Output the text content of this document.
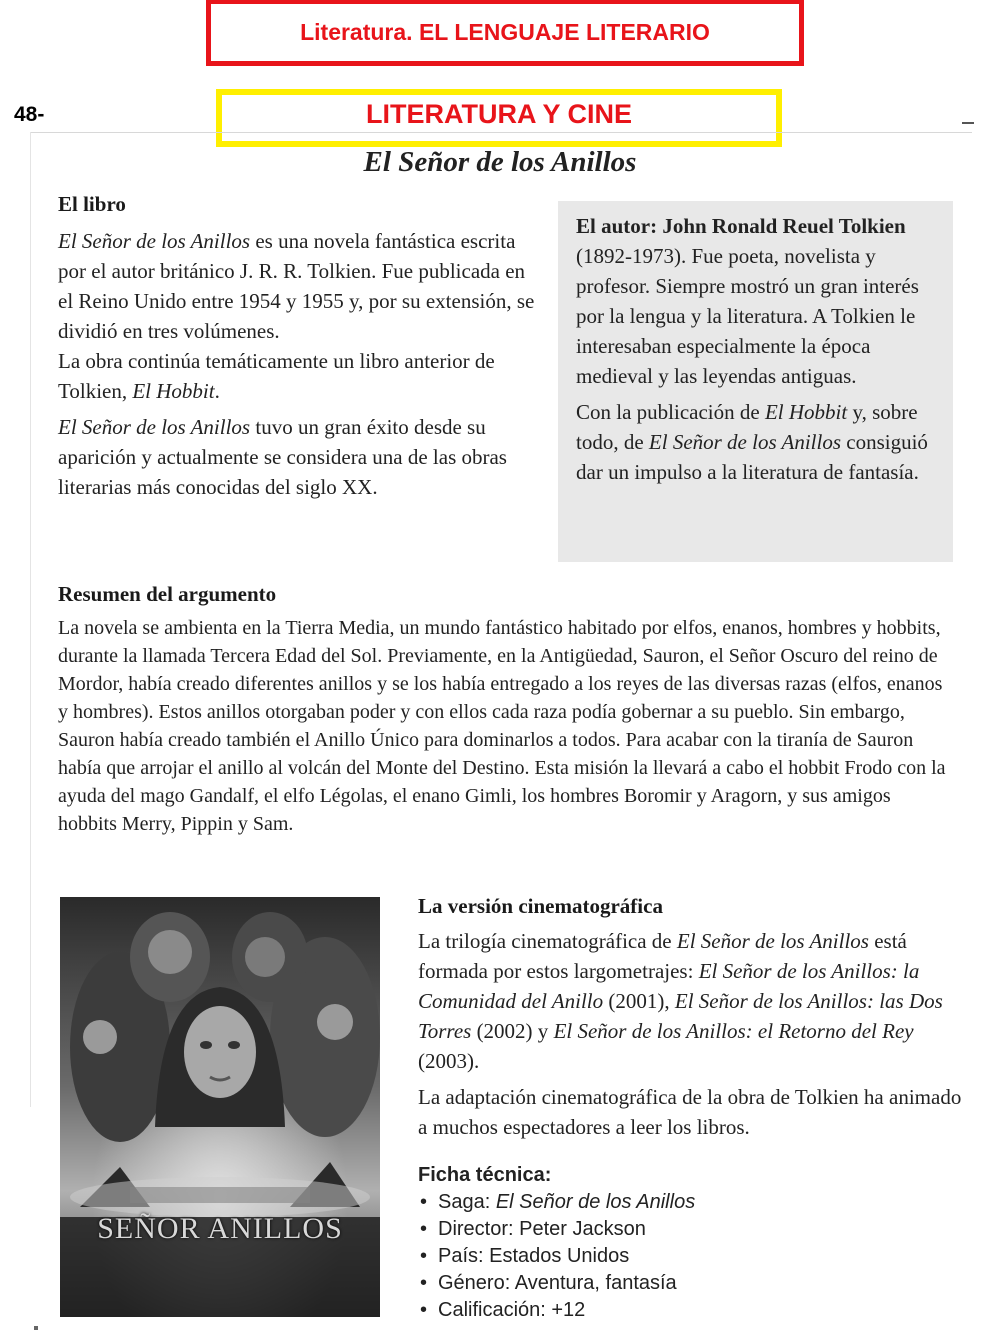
Literatura. EL LENGUAJE LITERARIO
48-	LITERATURA Y CINE
El Señor de los Anillos
El libro

El Señor de los Anillos es una novela fantástica escrita por el autor británico J. R. R. Tolkien. Fue publicada en el Reino Unido entre 1954 y 1955 y, por su extensión, se dividió en tres volúmenes.

La obra continúa temáticamente un libro anterior de Tolkien, El Hobbit.

El Señor de los Anillos tuvo un gran éxito desde su aparición y actualmente se considera una de las obras literarias más conocidas del siglo XX.

El autor: John Ronald Reuel Tolkien (1892-1973). Fue poeta, novelista y profesor. Siempre mostró un gran interés por la lengua y la literatura. A Tolkien le interesaban especialmente la época medieval y las leyendas antiguas.

Con la publicación de El Hobbit y, sobre todo, de El Señor de los Anillos consiguió dar un impulso a la literatura de fantasía.

Resumen del argumento
La novela se ambienta en la Tierra Media, un mundo fantástico habitado por elfos, enanos, hombres y hobbits, durante la llamada Tercera Edad del Sol. Previamente, en la Antigüedad, Sauron, el Señor Oscuro del reino de Mordor, había creado diferentes anillos y se los había entregado a los reyes de las diversas razas (elfos, enanos y hombres). Estos anillos otorgaban poder y con ellos cada raza podía gobernar a su pueblo. Sin embargo, Sauron había creado también el Anillo Único para dominarlos a todos. Para acabar con la tiranía de Sauron había que arrojar el anillo al volcán del Monte del Destino. Esta misión la llevará a cabo el hobbit Frodo con la ayuda del mago Gandalf, el elfo Légolas, el enano Gimli, los hombres Boromir y Aragorn, y sus amigos hobbits Merry, Pippin y Sam.
SEÑOR ANILLOS
La versión cinematográfica

La trilogía cinematográfica de El Señor de los Anillos está formada por estos largometrajes: El Señor de los Anillos: la Comunidad del Anillo (2001), El Señor de los Anillos: las Dos Torres (2002) y El Señor de los Anillos: el Retorno del Rey (2003).

La adaptación cinematográfica de la obra de Tolkien ha animado a muchos espectadores a leer los libros.

Ficha técnica:
• Saga: El Señor de los Anillos
• Director: Peter Jackson
• País: Estados Unidos
• Género: Aventura, fantasía
• Calificación: +12
